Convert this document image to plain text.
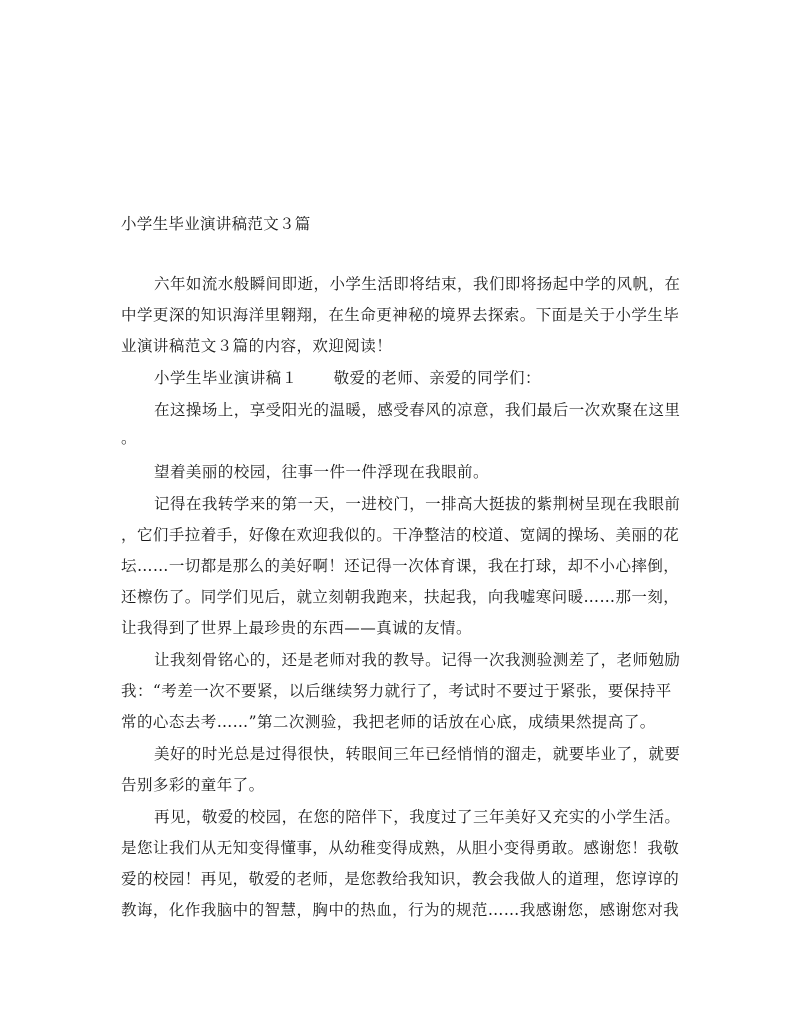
小学生毕业演讲稿范文３篇
六年如流水般瞬间即逝，小学生活即将结束，我们即将扬起中学的风帆，在
中学更深的知识海洋里翱翔，在生命更神秘的境界去探索。下面是关于小学生毕
业演讲稿范文３篇的内容，欢迎阅读！
小学生毕业演讲稿１ 敬爱的老师、亲爱的同学们：
在这操场上，享受阳光的温暖，感受春风的凉意，我们最后一次欢聚在这里
。
望着美丽的校园，往事一件一件浮现在我眼前。
记得在我转学来的第一天，一进校门，一排高大挺拔的紫荆树呈现在我眼前
，它们手拉着手，好像在欢迎我似的。干净整洁的校道、宽阔的操场、美丽的花
坛……一切都是那么的美好啊！还记得一次体育课，我在打球，却不小心摔倒，
还檫伤了。同学们见后，就立刻朝我跑来，扶起我，向我嘘寒问暖……那一刻，
让我得到了世界上最珍贵的东西——真诚的友情。
让我刻骨铭心的，还是老师对我的教导。记得一次我测验测差了，老师勉励
我：“考差一次不要紧，以后继续努力就行了，考试时不要过于紧张，要保持平
常的心态去考……”第二次测验，我把老师的话放在心底，成绩果然提高了。
美好的时光总是过得很快，转眼间三年已经悄悄的溜走，就要毕业了，就要
告别多彩的童年了。
再见，敬爱的校园，在您的陪伴下，我度过了三年美好又充实的小学生活。
是您让我们从无知变得懂事，从幼稚变得成熟，从胆小变得勇敢。感谢您！我敬
爱的校园！再见，敬爱的老师，是您教给我知识，教会我做人的道理，您谆谆的
教诲，化作我脑中的智慧，胸中的热血，行为的规范……我感谢您，感谢您对我
